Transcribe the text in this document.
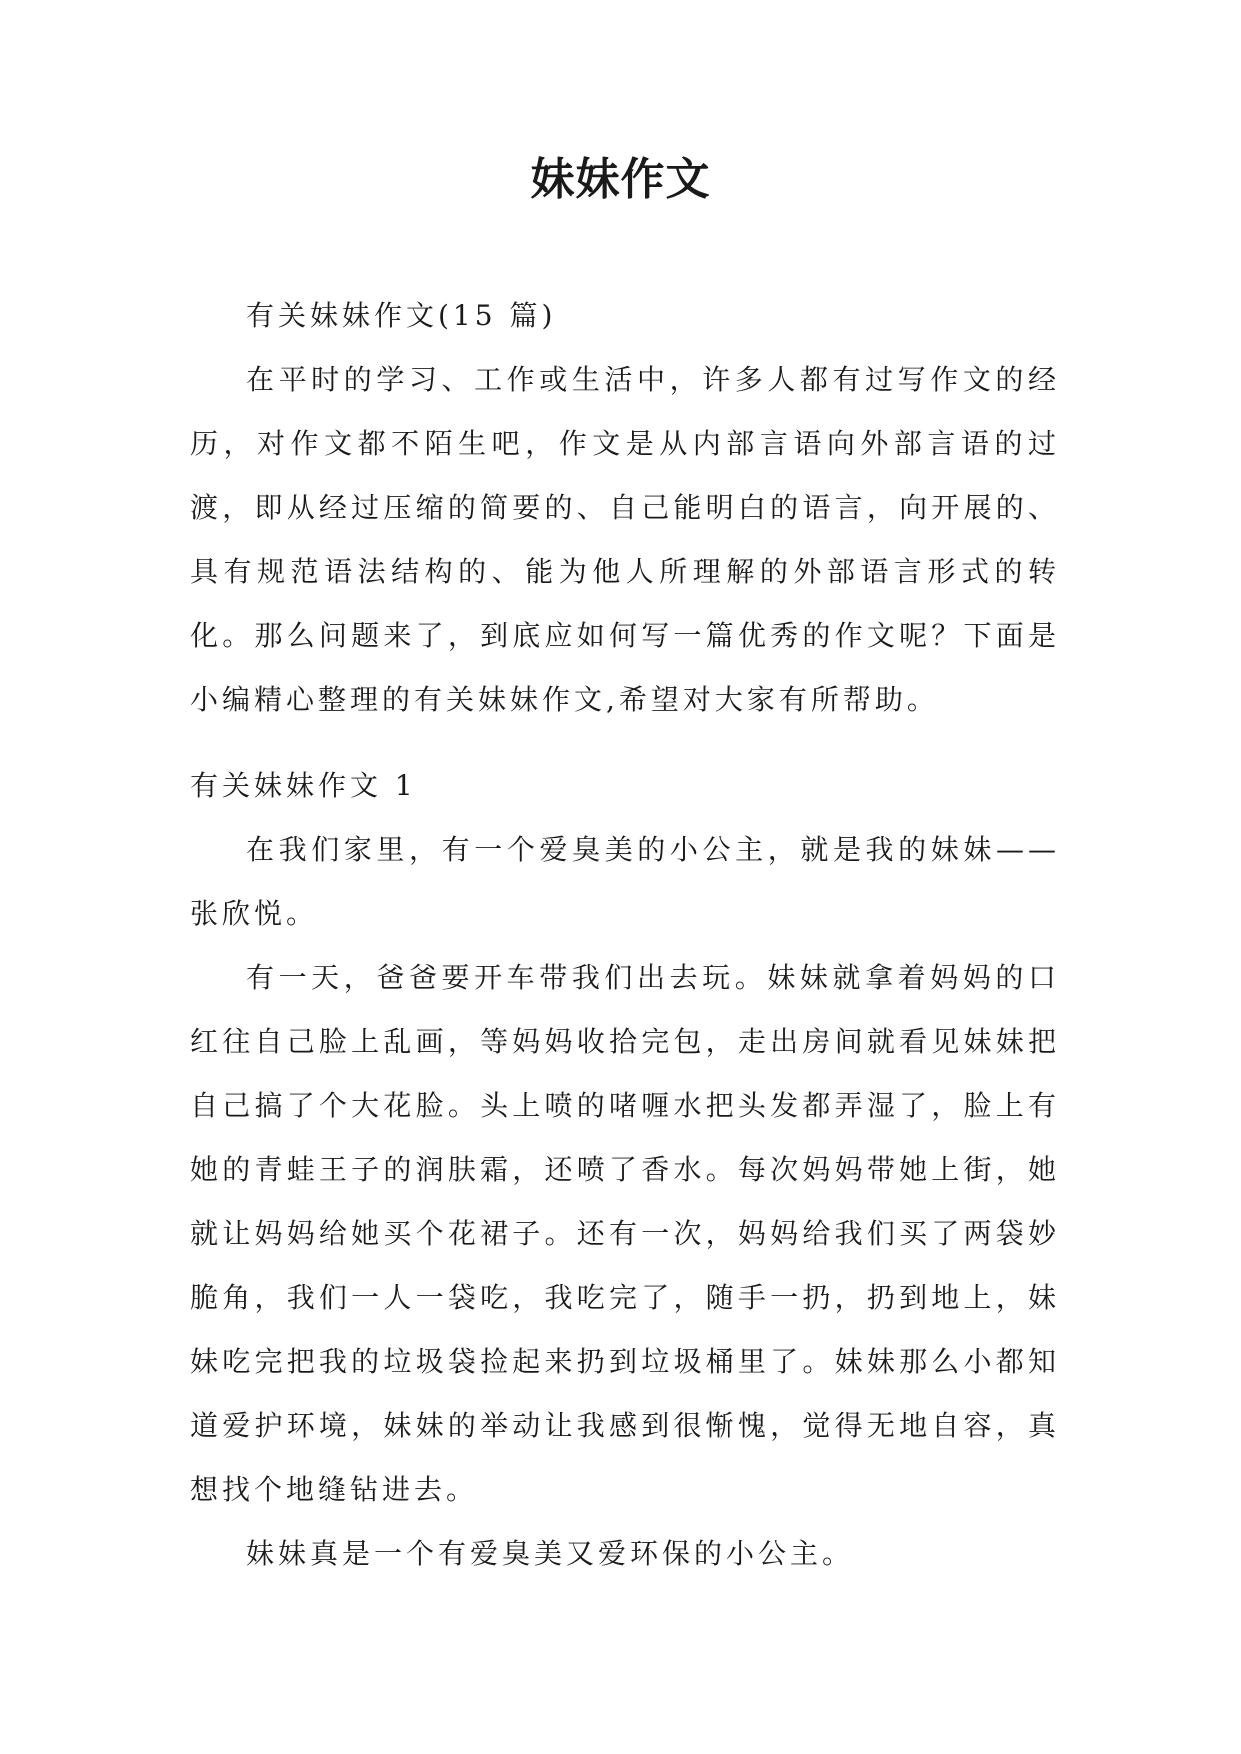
妹妹作文

有关妹妹作文(15 篇)

在平时的学习、工作或生活中，许多人都有过写作文的经历，对作文都不陌生吧，作文是从内部言语向外部言语的过渡，即从经过压缩的简要的、自己能明白的语言，向开展的、具有规范语法结构的、能为他人所理解的外部语言形式的转化。那么问题来了，到底应如何写一篇优秀的作文呢？下面是小编精心整理的有关妹妹作文,希望对大家有所帮助。

有关妹妹作文 1

在我们家里，有一个爱臭美的小公主，就是我的妹妹——张欣悦。

有一天，爸爸要开车带我们出去玩。妹妹就拿着妈妈的口红往自己脸上乱画，等妈妈收拾完包，走出房间就看见妹妹把自己搞了个大花脸。头上喷的啫喱水把头发都弄湿了，脸上有她的青蛙王子的润肤霜，还喷了香水。每次妈妈带她上街，她就让妈妈给她买个花裙子。还有一次，妈妈给我们买了两袋妙脆角，我们一人一袋吃，我吃完了，随手一扔，扔到地上，妹妹吃完把我的垃圾袋捡起来扔到垃圾桶里了。妹妹那么小都知道爱护环境，妹妹的举动让我感到很惭愧，觉得无地自容，真想找个地缝钻进去。

妹妹真是一个有爱臭美又爱环保的小公主。
